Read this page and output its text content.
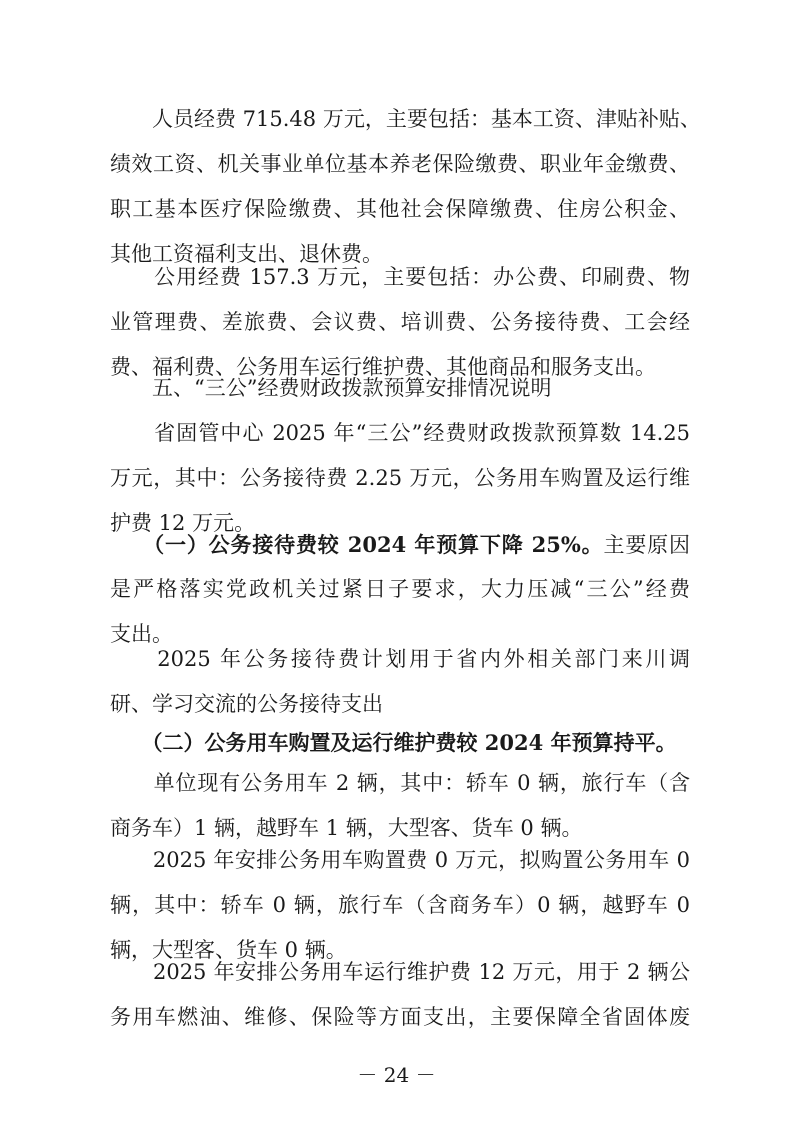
　　人员经费 715.48 万元，主要包括：基本工资、津贴补贴、
绩效工资、机关事业单位基本养老保险缴费、职业年金缴费、
职工基本医疗保险缴费、其他社会保障缴费、住房公积金、
其他工资福利支出、退休费。
　　公用经费 157.3 万元，主要包括：办公费、印刷费、物
业管理费、差旅费、会议费、培训费、公务接待费、工会经
费、福利费、公务用车运行维护费、其他商品和服务支出。
　　五、“三公”经费财政拨款预算安排情况说明
　　省固管中心 2025 年“三公”经费财政拨款预算数 14.25
万元，其中：公务接待费 2.25 万元，公务用车购置及运行维
护费 12 万元。
　　（一）公务接待费较 2024 年预算下降 25%。主要原因
是严格落实党政机关过紧日子要求，大力压减“三公”经费
支出。
　　2025 年公务接待费计划用于省内外相关部门来川调
研、学习交流的公务接待支出
　　（二）公务用车购置及运行维护费较 2024 年预算持平。
　　单位现有公务用车 2 辆，其中：轿车 0 辆，旅行车（含
商务车）1 辆，越野车 1 辆，大型客、货车 0 辆。
　　2025 年安排公务用车购置费 0 万元，拟购置公务用车 0
辆，其中：轿车 0 辆，旅行车（含商务车）0 辆，越野车 0
辆，大型客、货车 0 辆。
　　2025 年安排公务用车运行维护费 12 万元，用于 2 辆公
务用车燃油、维修、保险等方面支出，主要保障全省固体废
－ 24 －
